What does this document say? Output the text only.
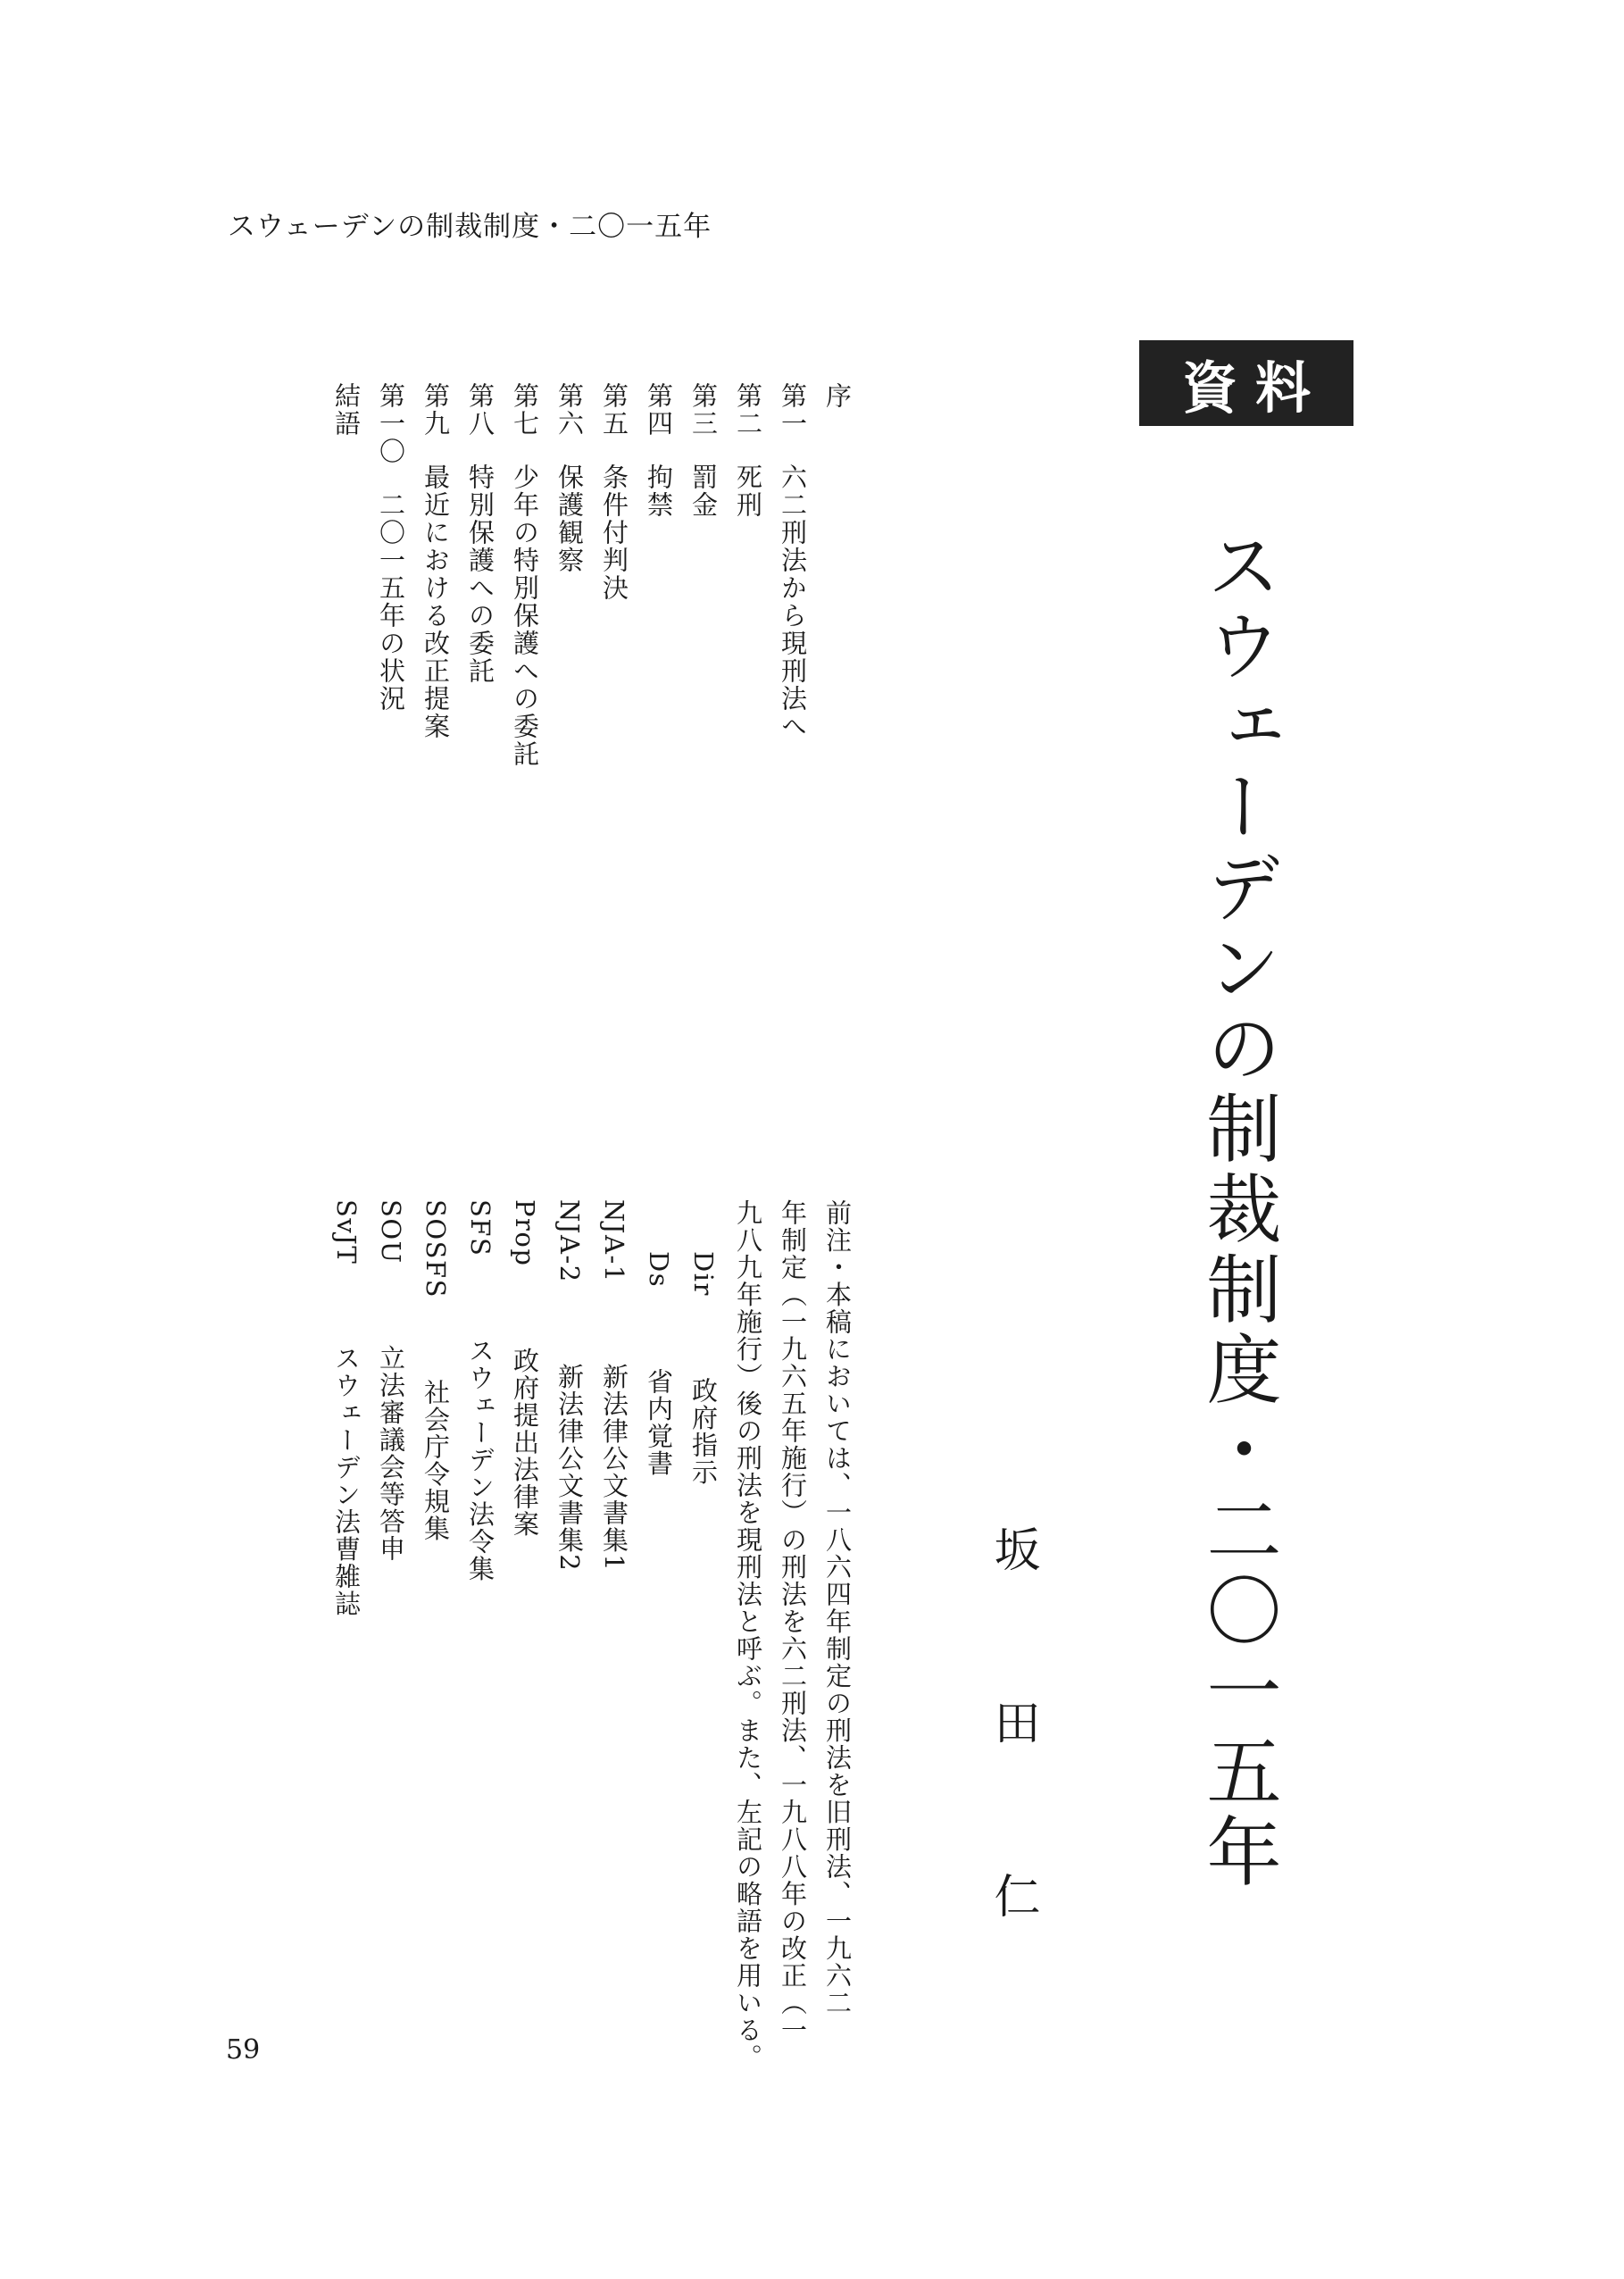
スウェーデンの制裁制度・二〇一五年
資料
スウェーデンの制裁制度・二〇一五年
坂
田
仁
序
第一六二刑法から現刑法へ
第二死刑
第三罰金
第四拘禁
第五条件付判決
第六保護観察
第七少年の特別保護への委託
第八特別保護への委託
第九最近における改正提案
第一〇二〇一五年の状況
結語
前注・本稿においては、一八六四年制定の刑法を旧刑法、一九六二
年制定（一九六五年施行）の刑法を六二刑法、一九八八年の改正（一
九八九年施行）後の刑法を現刑法と呼ぶ。また、左記の略語を用いる。
Dir政府指示
Ds省内覚書
NJA-1新法律公文書集1
NJA-2新法律公文書集2
Prop政府提出法律案
SFSスウェーデン法令集
SOSFS社会庁令規集
SOU立法審議会等答申
SvJTスウェーデン法曹雑誌
59
